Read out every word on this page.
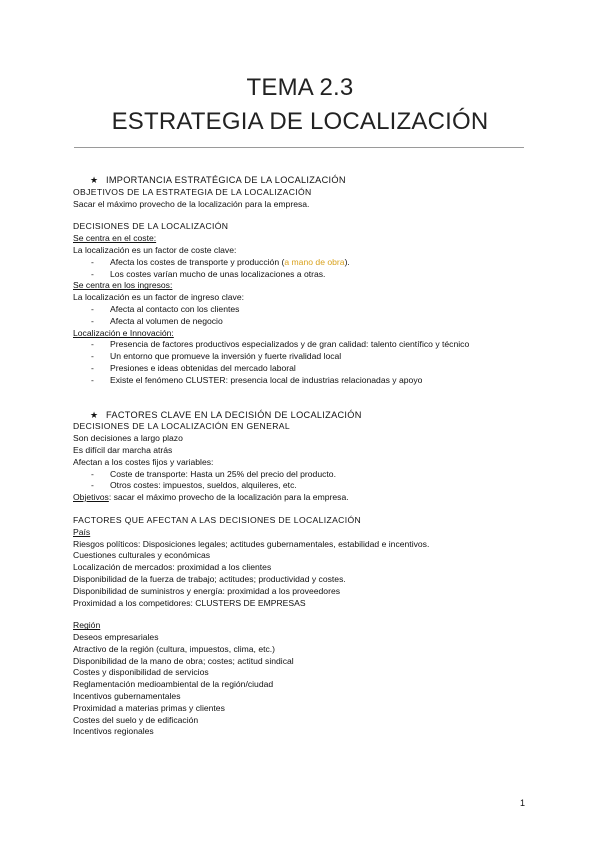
TEMA 2.3
ESTRATEGIA DE LOCALIZACIÓN
★ IMPORTANCIA ESTRATÉGICA DE LA LOCALIZACIÓN
OBJETIVOS DE LA ESTRATEGIA DE LA LOCALIZACIÓN
Sacar el máximo provecho de la localización para la empresa.
DECISIONES DE LA LOCALIZACIÓN
Se centra en el coste:
La localización es un factor de coste clave:
- Afecta los costes de transporte y producción (a mano de obra).
- Los costes varían mucho de unas localizaciones a otras.
Se centra en los ingresos:
La localización es un factor de ingreso clave:
- Afecta al contacto con los clientes
- Afecta al volumen de negocio
Localización e Innovación:
- Presencia de factores productivos especializados y de gran calidad: talento científico y técnico
- Un entorno que promueve la inversión y fuerte rivalidad local
- Presiones e ideas obtenidas del mercado laboral
- Existe el fenómeno CLUSTER: presencia local de industrias relacionadas y apoyo
★ FACTORES CLAVE EN LA DECISIÓN DE LOCALIZACIÓN
DECISIONES DE LA LOCALIZACIÓN EN GENERAL
Son decisiones a largo plazo
Es difícil dar marcha atrás
Afectan a los costes fijos y variables:
- Coste de transporte: Hasta un 25% del precio del producto.
- Otros costes: impuestos, sueldos, alquileres, etc.
Objetivos: sacar el máximo provecho de la localización para la empresa.
FACTORES QUE AFECTAN A LAS DECISIONES DE LOCALIZACIÓN
País
Riesgos políticos: Disposiciones legales; actitudes gubernamentales, estabilidad e incentivos.
Cuestiones culturales y económicas
Localización de mercados: proximidad a los clientes
Disponibilidad de la fuerza de trabajo; actitudes; productividad y costes.
Disponibilidad de suministros y energía: proximidad a los proveedores
Proximidad a los competidores: CLUSTERS DE EMPRESAS
Región
Deseos empresariales
Atractivo de la región (cultura, impuestos, clima, etc.)
Disponibilidad de la mano de obra; costes; actitud sindical
Costes y disponibilidad de servicios
Reglamentación medioambiental de la región/ciudad
Incentivos gubernamentales
Proximidad a materias primas y clientes
Costes del suelo y de edificación
Incentivos regionales
1
